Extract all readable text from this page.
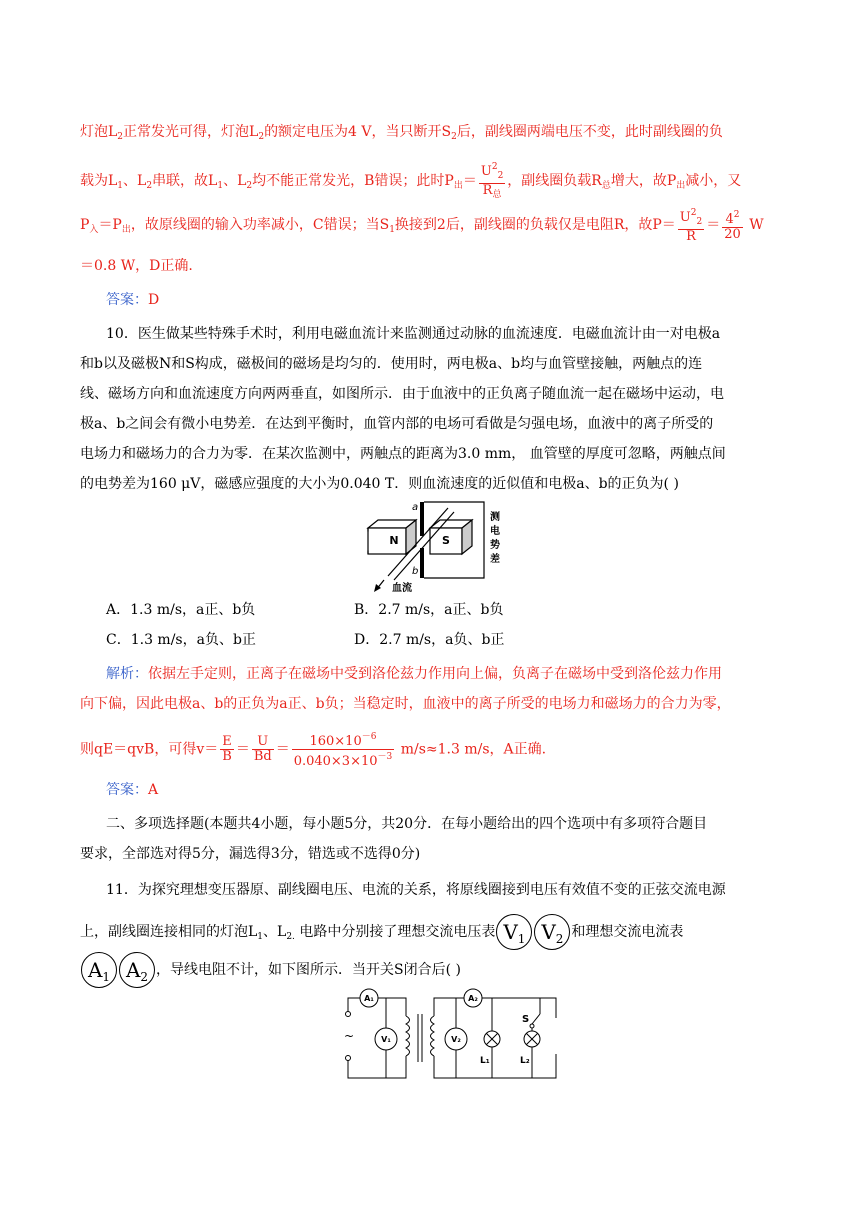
灯泡$L_2$正常发光可得，灯泡$L_2$的额定电压为4 V，当只断开$S_2$后，副线圈两端电压不变，此时副线圈的负
载为$L_1$、$L_2$串联，故$L_1$、$L_2$均不能正常发光，B错误；此时$P_出= \frac{U^2_2}{R_总}$ ，副线圈负载$R_总$增大，故$P_出$减小，又
$P_入=P_出$，故原线圈的输入功率减小，C错误；当$S_1$换接到2后，副线圈的负载仅是电阻R，故$P= \frac{U^2_2}{R} = \frac{4^2}{20}$ W
＝0.8 W，D正确.
答案：D
10．医生做某些特殊手术时，利用电磁血流计来监测通过动脉的血流速度．电磁血流计由一对电极a
和b以及磁极N和S构成，磁极间的磁场是均匀的．使用时，两电极a、b均与血管壁接触，两触点的连
线、磁场方向和血流速度方向两两垂直，如图所示．由于血液中的正负离子随血流一起在磁场中运动，电
极a、b之间会有微小电势差．在达到平衡时，血管内部的电场可看做是匀强电场，血液中的离子所受的
电场力和磁场力的合力为零．在某次监测中，两触点的距离为3.0 mm， 血管壁的厚度可忽略，两触点间
的电势差为160 μV，磁感应强度的大小为0.040 T．则血流速度的近似值和电极a、b的正负为( )
N	S
a
b
血流
测
电
势
差
A．1.3 m/s，a正、b负	B．2.7 m/s，a正、b负
C．1.3 m/s，a负、b正	D．2.7 m/s，a负、b正
解析：依据左手定则，正离子在磁场中受到洛伦兹力作用向上偏，负离子在磁场中受到洛伦兹力作用
向下偏，因此电极a、b的正负为a正、b负；当稳定时，血液中的离子所受的电场力和磁场力的合力为零，
则qE＝qvB，可得$v= \frac{E}{B} = \frac{U}{Bd} = \frac{160\times 10^{-6}}{0.040\times 3\times 10^{-3}} m/s\approx 1.3$ m/s，A正确.
答案：A
二、多项选择题(本题共4小题，每小题5分，共20分．在每小题给出的四个选项中有多项符合题目
要求，全部选对得5分，漏选得3分，错选或不选得0分)
11．为探究理想变压器原、副线圈电压、电流的关系，将原线圈接到电压有效值不变的正弦交流电源
上，副线圈连接相同的灯泡$L_1$、$L_{2.}$ 电路中分别接了理想交流电压表 $V_1$ $V_2$ 和理想交流电流表
$A_1$ $A_2$ ，导线电阻不计，如下图所示．当开关S闭合后( )
~
A₁
V₁
A₂
V₂
L₁	L₂
S
